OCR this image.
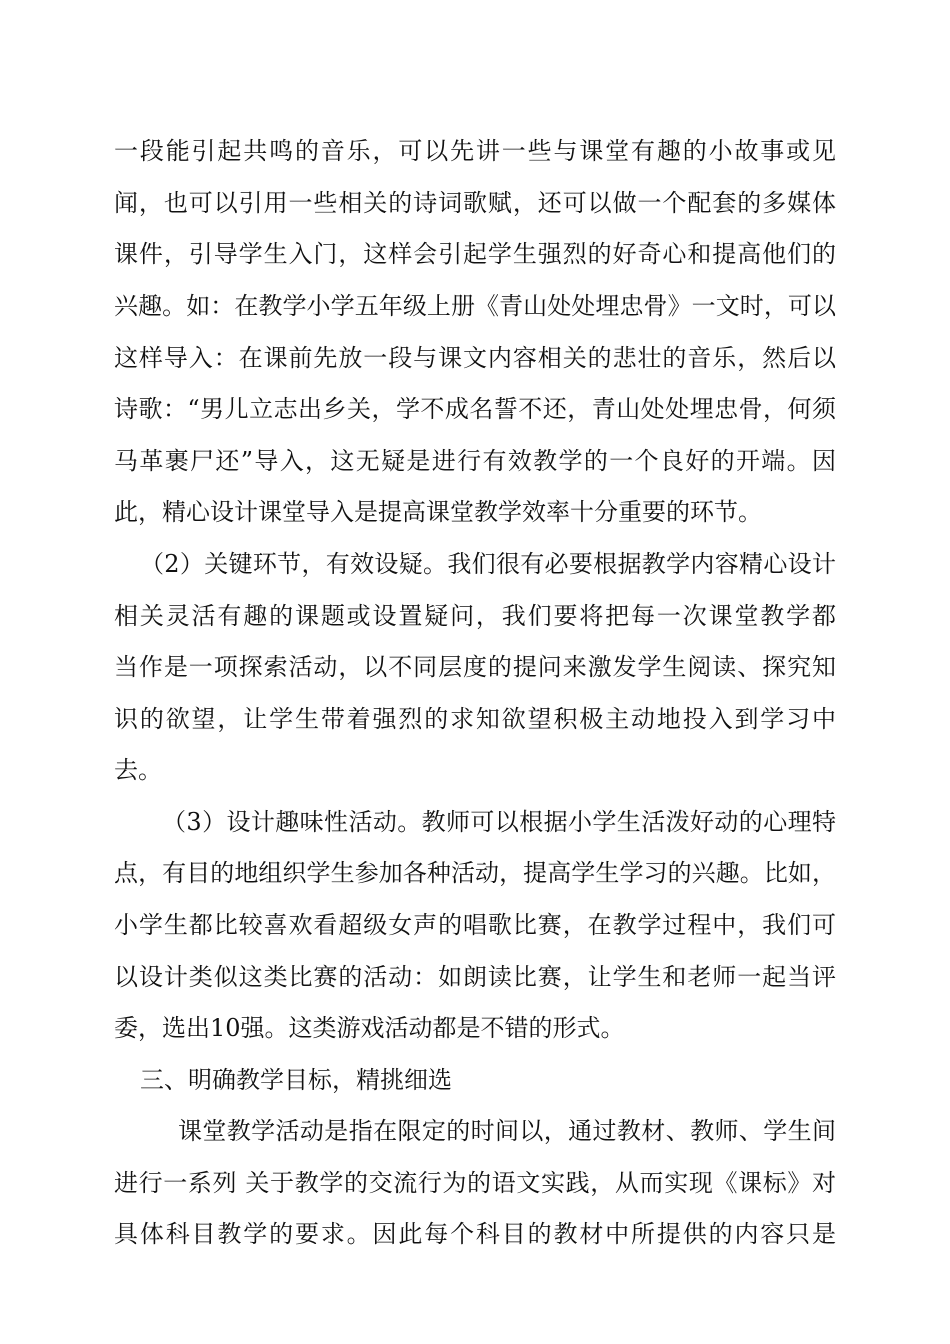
一段能引起共鸣的音乐，可以先讲一些与课堂有趣的小故事或见
闻，也可以引用一些相关的诗词歌赋，还可以做一个配套的多媒体
课件，引导学生入门，这样会引起学生强烈的好奇心和提高他们的
兴趣。如：在教学小学五年级上册《青山处处埋忠骨》一文时，可以
这样导入：在课前先放一段与课文内容相关的悲壮的音乐，然后以
诗歌：“男儿立志出乡关，学不成名誓不还，青山处处埋忠骨，何须
马革裹尸还”导入，这无疑是进行有效教学的一个良好的开端。因
此，精心设计课堂导入是提高课堂教学效率十分重要的环节。
（2）关键环节，有效设疑。我们很有必要根据教学内容精心设计
相关灵活有趣的课题或设置疑问，我们要将把每一次课堂教学都
当作是一项探索活动，以不同层度的提问来激发学生阅读、探究知
识的欲望，让学生带着强烈的求知欲望积极主动地投入到学习中
去。
（3）设计趣味性活动。教师可以根据小学生活泼好动的心理特
点，有目的地组织学生参加各种活动，提高学生学习的兴趣。比如，
小学生都比较喜欢看超级女声的唱歌比赛，在教学过程中，我们可
以设计类似这类比赛的活动：如朗读比赛，让学生和老师一起当评
委，选出10强。这类游戏活动都是不错的形式。
三、明确教学目标，精挑细选
课堂教学活动是指在限定的时间以，通过教材、教师、学生间
进行一系列 关于教学的交流行为的语文实践，从而实现《课标》对
具体科目教学的要求。因此每个科目的教材中所提供的内容只是
